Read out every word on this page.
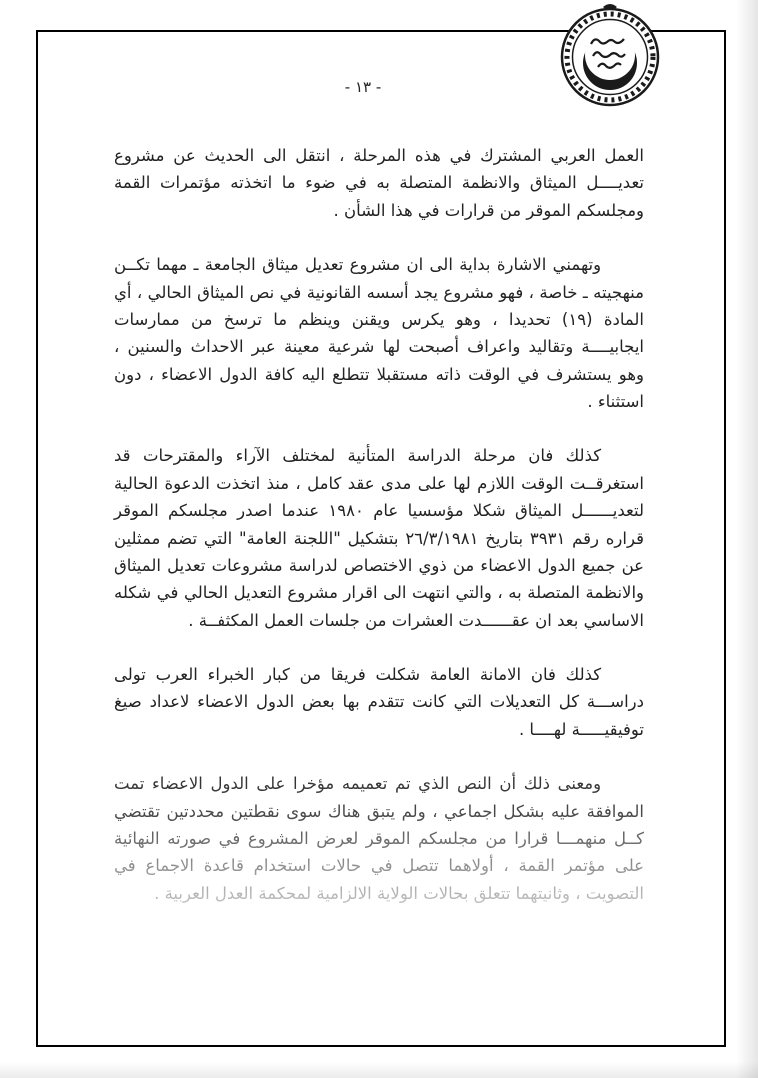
- ١٣ -

العمل العربي المشترك في هذه المرحلة ، انتقل الى الحديث عن مشروع تعديــــل الميثاق والانظمة المتصلة به في ضوء ما اتخذته مؤتمرات القمة ومجلسكم الموقر من قرارات في هذا الشأن .

وتهمني الاشارة بداية الى ان مشروع تعديل ميثاق الجامعة ـ مهما تكــن منهجيته ـ خاصة ، فهو مشروع يجد أسسه القانونية في نص الميثاق الحالي ، أي المادة (١٩) تحديدا ، وهو يكرس ويقنن وينظم ما ترسخ من ممارسات ايجابيــــة وتقاليد واعراف أصبحت لها شرعية معينة عبر الاحداث والسنين ، وهو يستشرف في الوقت ذاته مستقبلا تتطلع اليه كافة الدول الاعضاء ، دون استثناء .

كذلك فان مرحلة الدراسة المتأنية لمختلف الآراء والمقترحات قد استغرقــت الوقت اللازم لها على مدى عقد كامل ، منذ اتخذت الدعوة الحالية لتعديــــــل الميثاق شكلا مؤسسيا عام ١٩٨٠ عندما اصدر مجلسكم الموقر قراره رقم ٣٩٣١ بتاريخ ٢٦/٣/١٩٨١ بتشكيل "اللجنة العامة" التي تضم ممثلين عن جميع الدول الاعضاء من ذوي الاختصاص لدراسة مشروعات تعديل الميثاق والانظمة المتصلة به ، والتي انتهت الى اقرار مشروع التعديل الحالي في شكله الاساسي بعد ان عقــــــدت العشرات من جلسات العمل المكثفــة .

كذلك فان الامانة العامة شكلت فريقا من كبار الخبراء العرب تولى دراســـة كل التعديلات التي كانت تتقدم بها بعض الدول الاعضاء لاعداد صيغ توفيقيـــــة لهــــا .

ومعنى ذلك أن النص الذي تم تعميمه مؤخرا على الدول الاعضاء تمت الموافقة عليه بشكل اجماعي ، ولم يتبق هناك سوى نقطتين محددتين تقتضي كــل منهمـــا قرارا من مجلسكم الموقر لعرض المشروع في صورته النهائية على مؤتمر القمة ، أولاهما تتصل في حالات استخدام قاعدة الاجماع في التصويت ، وثانيتهما تتعلق بحالات الولاية الالزامية لمحكمة العدل العربية .
